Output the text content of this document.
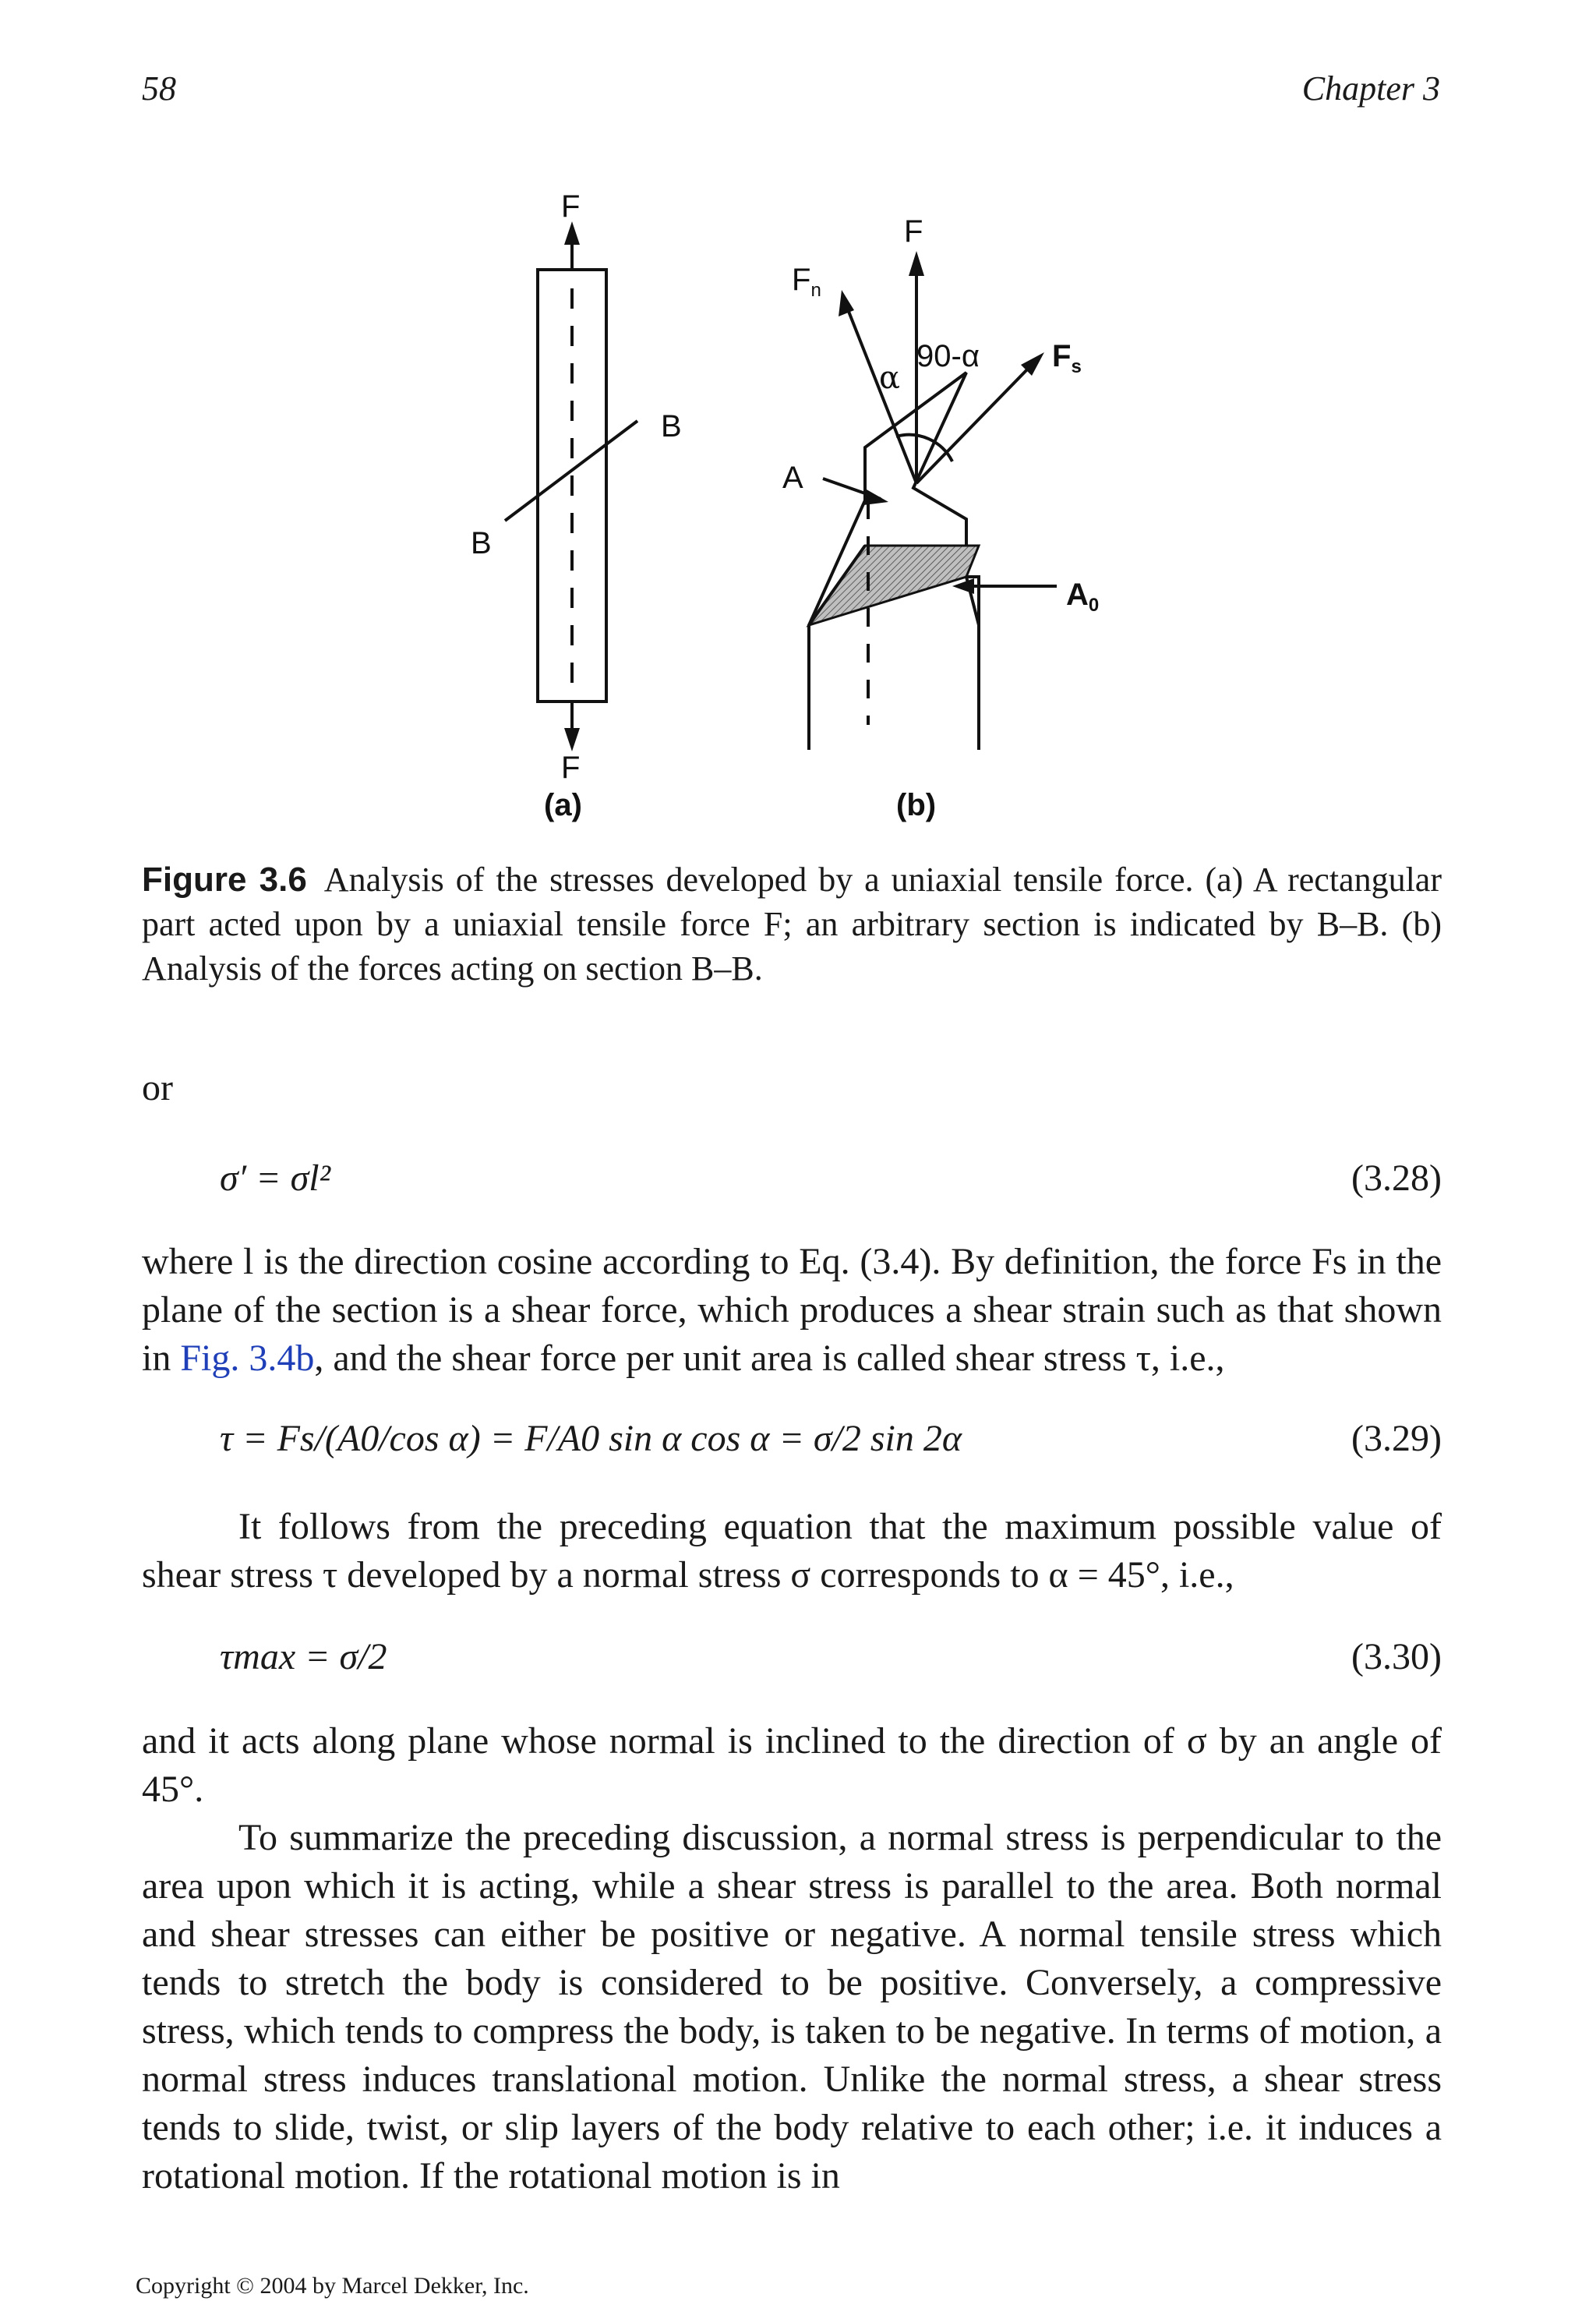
58	Chapter 3
F
F
B
B
F
$F_n$
α
90-α $F_s$
A
$A_0$
(a)	(b)
Figure 3.6 Analysis of the stresses developed by a uniaxial tensile force. (a) A rectangular part acted upon by a uniaxial tensile force F; an arbitrary section is indicated by B–B. (b) Analysis of the forces acting on section B–B.
or
σ′ = σl²	(3.28)
where l is the direction cosine according to Eq. (3.4). By definition, the force Fs in the plane of the section is a shear force, which produces a shear strain such as that shown in Fig. 3.4b, and the shear force per unit area is called shear stress τ, i.e.,
τ = Fs/(A0/cos α) = F/A0 sin α cos α = σ/2 sin 2α	(3.29)
It follows from the preceding equation that the maximum possible value of shear stress τ developed by a normal stress σ corresponds to α = 45°, i.e.,
τmax = σ/2	(3.30)
and it acts along plane whose normal is inclined to the direction of σ by an angle of 45°.
To summarize the preceding discussion, a normal stress is perpendicular to the area upon which it is acting, while a shear stress is parallel to the area. Both normal and shear stresses can either be positive or negative. A normal tensile stress which tends to stretch the body is considered to be positive. Conversely, a compressive stress, which tends to compress the body, is taken to be negative. In terms of motion, a normal stress induces translational motion. Unlike the normal stress, a shear stress tends to slide, twist, or slip layers of the body relative to each other; i.e. it induces a rotational motion. If the rotational motion is in
Copyright © 2004 by Marcel Dekker, Inc.
